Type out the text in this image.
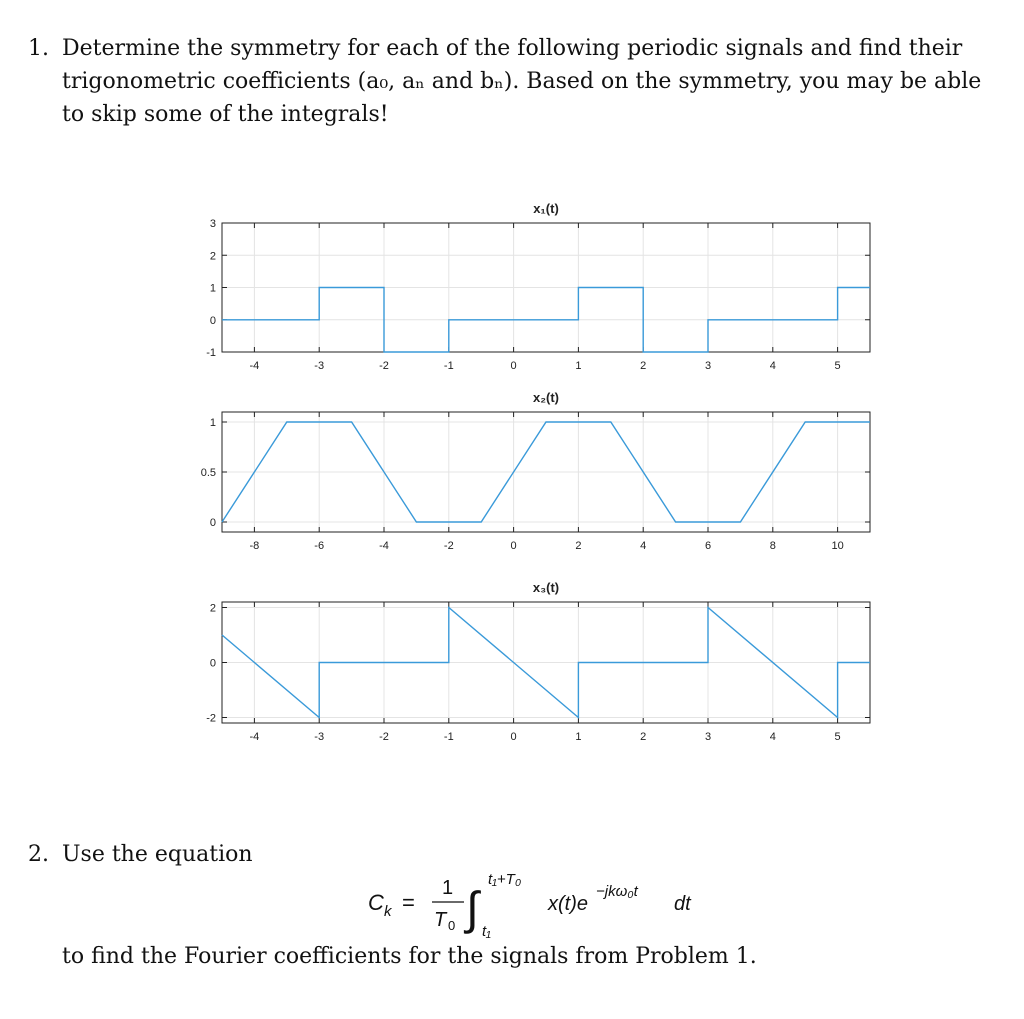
1. Determine the symmetry for each of the following periodic signals and find their trigonometric coefficients (a₀, aₙ and bₙ). Based on the symmetry, you may be able to skip some of the integrals!
-4	-3	-2	-1	0	1	2	3	4	5
-1
0
1
2
3
x₁(t)
-8	-6	-4	-2	0	2	4	6	8	10
0
0.5
1
x₂(t)
-4	-3	-2	-1	0	1	2	3	4	5
-2
0
2
x₃(t)
2. Use the equation
C k =
1
T 0 ∫
t₁+T₀
t₁
x(t)e
−jkω₀t
dt
to find the Fourier coefficients for the signals from Problem 1.
